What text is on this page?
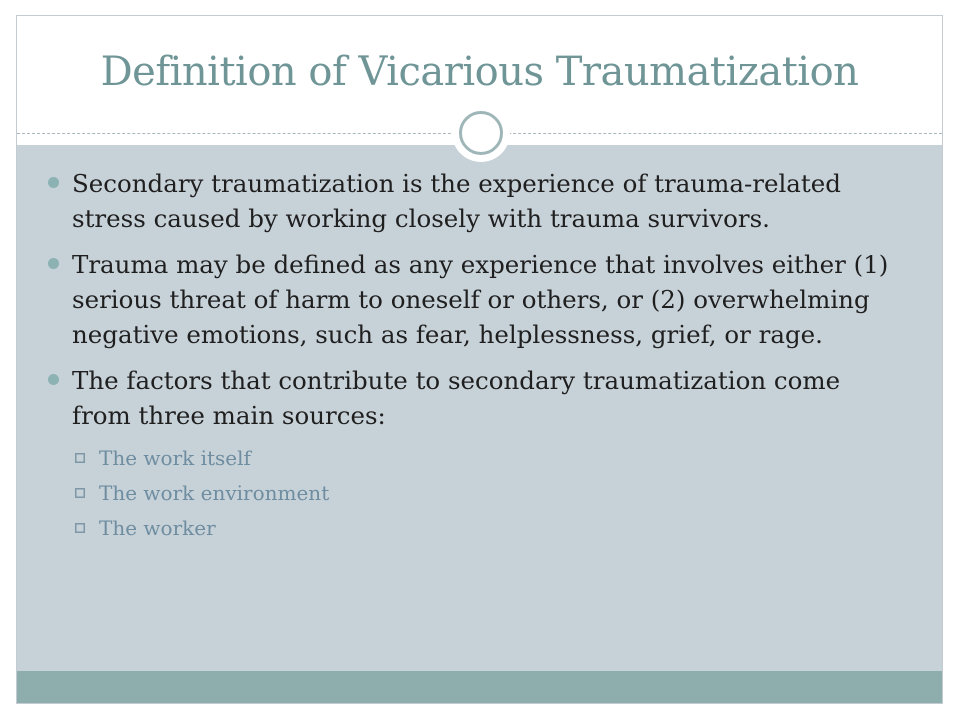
Definition of Vicarious Traumatization
Secondary traumatization is the experience of trauma-related stress caused by working closely with trauma survivors.
Trauma may be defined as any experience that involves either (1) serious threat of harm to oneself or others, or (2) overwhelming negative emotions, such as fear, helplessness, grief, or rage.
The factors that contribute to secondary traumatization come from three main sources:
The work itself
The work environment
The worker
